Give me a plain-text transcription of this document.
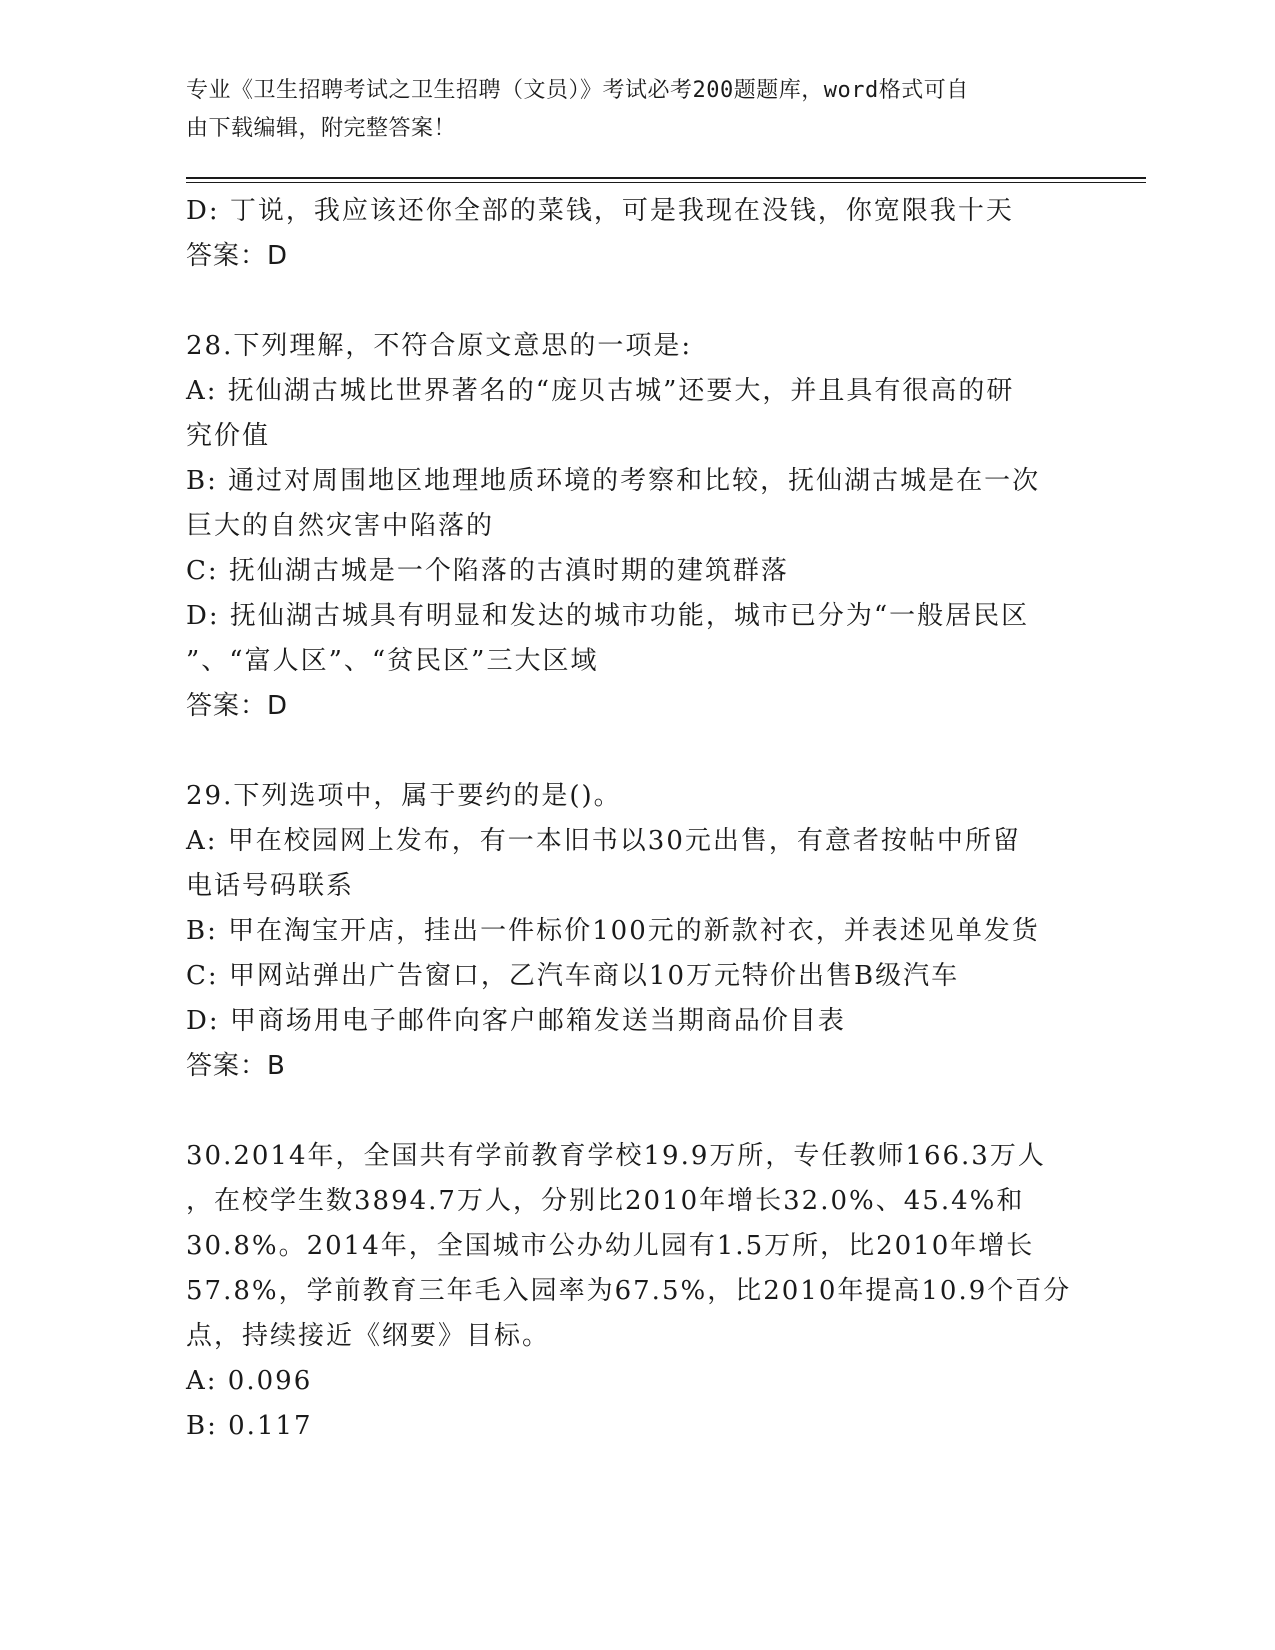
专业《卫生招聘考试之卫生招聘（文员）》考试必考200题题库，word格式可自
由下载编辑，附完整答案！
D: 丁说，我应该还你全部的菜钱，可是我现在没钱，你宽限我十天
答案：D
28.下列理解，不符合原文意思的一项是:
A: 抚仙湖古城比世界著名的“庞贝古城”还要大，并且具有很高的研
究价值
B: 通过对周围地区地理地质环境的考察和比较，抚仙湖古城是在一次
巨大的自然灾害中陷落的
C: 抚仙湖古城是一个陷落的古滇时期的建筑群落
D: 抚仙湖古城具有明显和发达的城市功能，城市已分为“一般居民区
”、“富人区”、“贫民区”三大区域
答案：D
29.下列选项中，属于要约的是()。
A: 甲在校园网上发布，有一本旧书以30元出售，有意者按帖中所留
电话号码联系
B: 甲在淘宝开店，挂出一件标价100元的新款衬衣，并表述见单发货
C: 甲网站弹出广告窗口，乙汽车商以10万元特价出售B级汽车
D: 甲商场用电子邮件向客户邮箱发送当期商品价目表
答案：B
30.2014年，全国共有学前教育学校19.9万所，专任教师166.3万人
，在校学生数3894.7万人，分别比2010年增长32.0%、45.4%和
30.8%。2014年，全国城市公办幼儿园有1.5万所，比2010年增长
57.8%，学前教育三年毛入园率为67.5%，比2010年提高10.9个百分
点，持续接近《纲要》目标。
A: 0.096
B: 0.117
